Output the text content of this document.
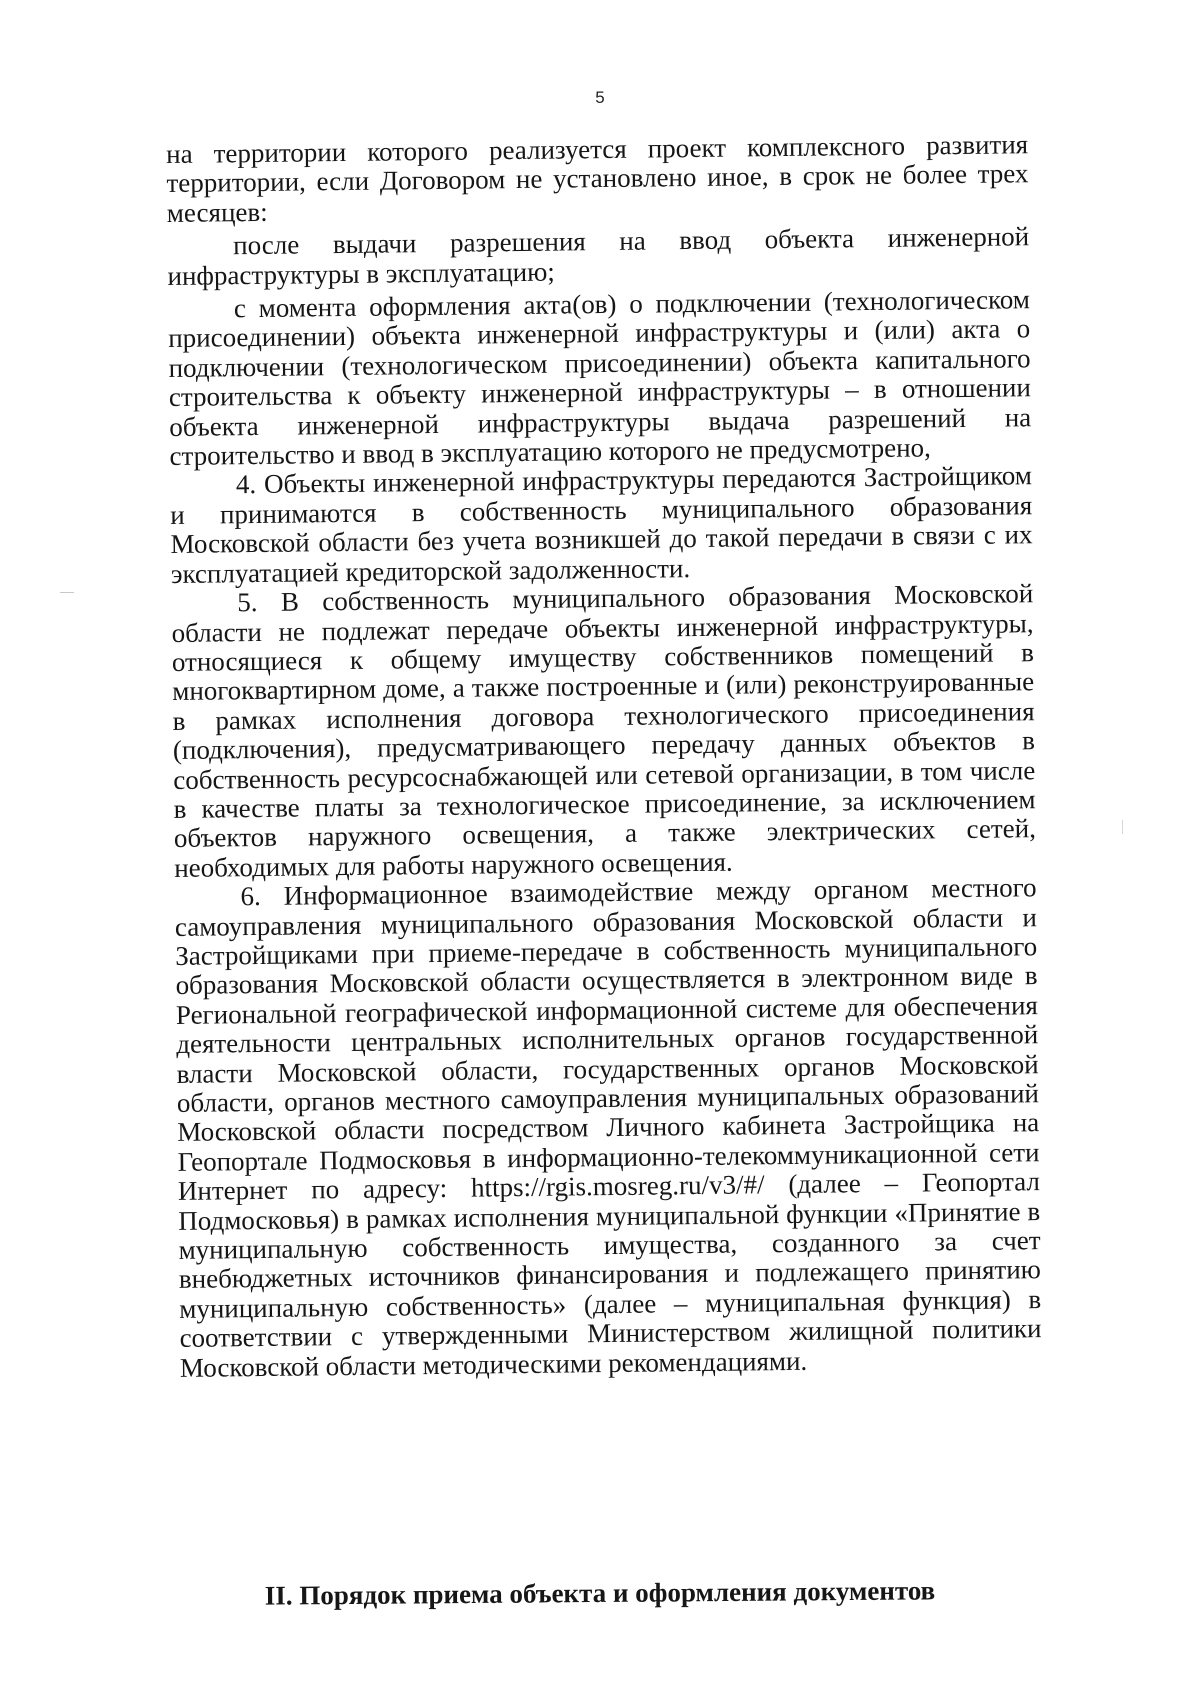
5

на территории которого реализуется проект комплексного развития территории, если Договором не установлено иное, в срок не более трех месяцев:

после выдачи разрешения на ввод объекта инженерной инфраструктуры в эксплуатацию;

с момента оформления акта(ов) о подключении (технологическом присоединении) объекта инженерной инфраструктуры и (или) акта о подключении (технологическом присоединении) объекта капитального строительства к объекту инженерной инфраструктуры – в отношении объекта инженерной инфраструктуры выдача разрешений на строительство и ввод в эксплуатацию которого не предусмотрено,

4. Объекты инженерной инфраструктуры передаются Застройщиком и принимаются в собственность муниципального образования Московской области без учета возникшей до такой передачи в связи с их эксплуатацией кредиторской задолженности.

5. В собственность муниципального образования Московской области не подлежат передаче объекты инженерной инфраструктуры, относящиеся к общему имуществу собственников помещений в многоквартирном доме, а также построенные и (или) реконструированные в рамках исполнения договора технологического присоединения (подключения), предусматривающего передачу данных объектов в собственность ресурсоснабжающей или сетевой организации, в том числе в качестве платы за технологическое присоединение, за исключением объектов наружного освещения, а также электрических сетей, необходимых для работы наружного освещения.

6. Информационное взаимодействие между органом местного самоуправления муниципального образования Московской области и Застройщиками при приеме-передаче в собственность муниципального образования Московской области осуществляется в электронном виде в Региональной географической информационной системе для обеспечения деятельности центральных исполнительных органов государственной власти Московской области, государственных органов Московской области, органов местного самоуправления муниципальных образований Московской области посредством Личного кабинета Застройщика на Геопортале Подмосковья в информационно-телекоммуникационной сети Интернет по адресу: https://rgis.mosreg.ru/v3/#/ (далее – Геопортал Подмосковья) в рамках исполнения муниципальной функции «Принятие в муниципальную собственность имущества, созданного за счет внебюджетных источников финансирования и подлежащего принятию муниципальную собственность» (далее – муниципальная функция) в соответствии с утвержденными Министерством жилищной политики Московской области методическими рекомендациями.

II. Порядок приема объекта и оформления документов
